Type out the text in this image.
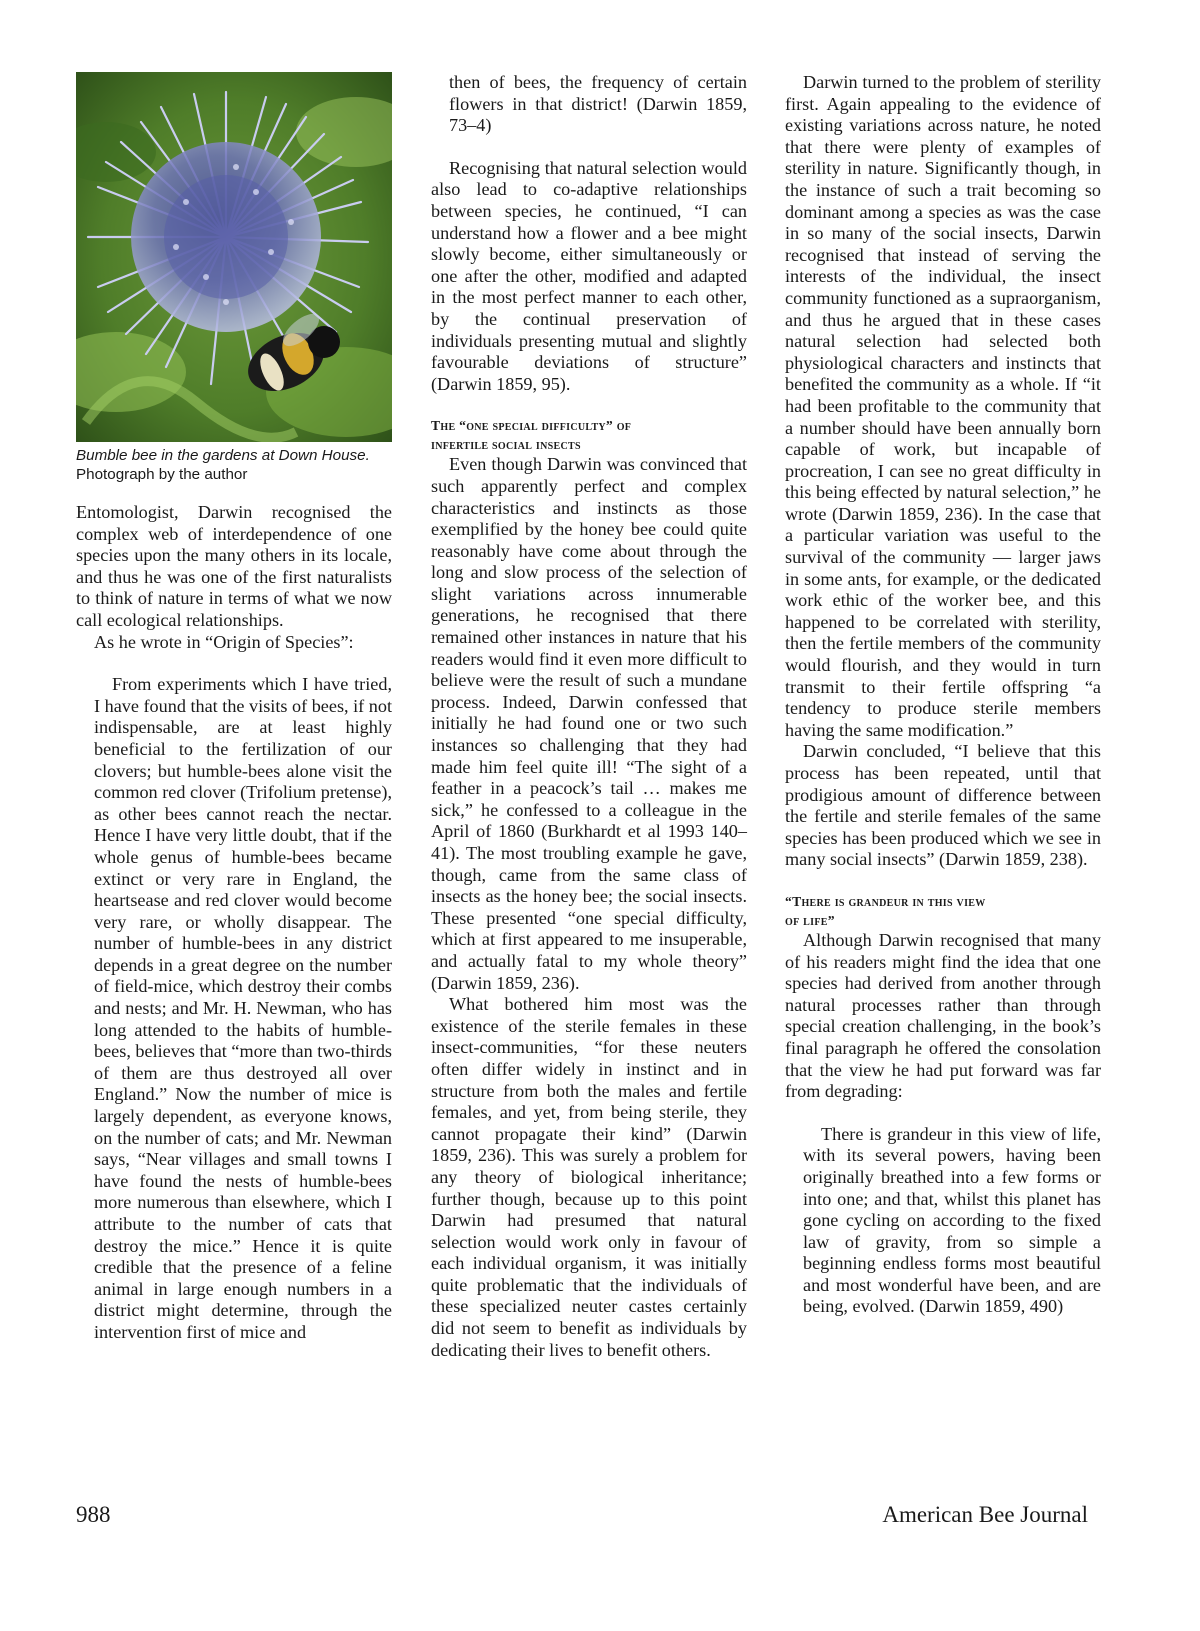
Bumble bee in the gardens at Down House. Photograph by the author

Entomologist, Darwin recognised the complex web of interdependence of one species upon the many others in its locale, and thus he was one of the first naturalists to think of nature in terms of what we now call ecological relationships.

As he wrote in “Origin of Species”:

From experiments which I have tried, I have found that the visits of bees, if not indispensable, are at least highly beneficial to the fertilization of our clovers; but humble-bees alone visit the common red clover (Trifolium pretense), as other bees cannot reach the nectar. Hence I have very little doubt, that if the whole genus of humble-bees became extinct or very rare in England, the heartsease and red clover would become very rare, or wholly disappear. The number of humble-bees in any district depends in a great degree on the number of field-mice, which destroy their combs and nests; and Mr. H. Newman, who has long attended to the habits of humble-bees, believes that “more than two-thirds of them are thus destroyed all over England.” Now the number of mice is largely dependent, as everyone knows, on the number of cats; and Mr. Newman says, “Near villages and small towns I have found the nests of humble-bees more numerous than elsewhere, which I attribute to the number of cats that destroy the mice.” Hence it is quite credible that the presence of a feline animal in large enough numbers in a district might determine, through the intervention first of mice and

then of bees, the frequency of certain flowers in that district! (Darwin 1859, 73–4)

Recognising that natural selection would also lead to co-adaptive relationships between species, he continued, “I can understand how a flower and a bee might slowly become, either simultaneously or one after the other, modified and adapted in the most perfect manner to each other, by the continual preservation of individuals presenting mutual and slightly favourable deviations of structure” (Darwin 1859, 95).

The “one special difficulty” of
infertile social insects

Even though Darwin was convinced that such apparently perfect and complex characteristics and instincts as those exemplified by the honey bee could quite reasonably have come about through the long and slow process of the selection of slight variations across innumerable generations, he recognised that there remained other instances in nature that his readers would find it even more difficult to believe were the result of such a mundane process. Indeed, Darwin confessed that initially he had found one or two such instances so challenging that they had made him feel quite ill! “The sight of a feather in a peacock’s tail … makes me sick,” he confessed to a colleague in the April of 1860 (Burkhardt et al 1993 140–41). The most troubling example he gave, though, came from the same class of insects as the honey bee; the social insects. These presented “one special difficulty, which at first appeared to me insuperable, and actually fatal to my whole theory” (Darwin 1859, 236).

What bothered him most was the existence of the sterile females in these insect-communities, “for these neuters often differ widely in instinct and in structure from both the males and fertile females, and yet, from being sterile, they cannot propagate their kind” (Darwin 1859, 236). This was surely a problem for any theory of biological inheritance; further though, because up to this point Darwin had presumed that natural selection would work only in favour of each individual organism, it was initially quite problematic that the individuals of these specialized neuter castes certainly did not seem to benefit as individuals by dedicating their lives to benefit others.

Darwin turned to the problem of sterility first. Again appealing to the evidence of existing variations across nature, he noted that there were plenty of examples of sterility in nature. Significantly though, in the instance of such a trait becoming so dominant among a species as was the case in so many of the social insects, Darwin recognised that instead of serving the interests of the individual, the insect community functioned as a supraorganism, and thus he argued that in these cases natural selection had selected both physiological characters and instincts that benefited the community as a whole. If “it had been profitable to the community that a number should have been annually born capable of work, but incapable of procreation, I can see no great difficulty in this being effected by natural selection,” he wrote (Darwin 1859, 236). In the case that a particular variation was useful to the survival of the community — larger jaws in some ants, for example, or the dedicated work ethic of the worker bee, and this happened to be correlated with sterility, then the fertile members of the community would flourish, and they would in turn transmit to their fertile offspring “a tendency to produce sterile members having the same modification.”

Darwin concluded, “I believe that this process has been repeated, until that prodigious amount of difference between the fertile and sterile females of the same species has been produced which we see in many social insects” (Darwin 1859, 238).

“There is grandeur in this view
of life”

Although Darwin recognised that many of his readers might find the idea that one species had derived from another through natural processes rather than through special creation challenging, in the book’s final paragraph he offered the consolation that the view he had put forward was far from degrading:

There is grandeur in this view of life, with its several powers, having been originally breathed into a few forms or into one; and that, whilst this planet has gone cycling on according to the fixed law of gravity, from so simple a beginning endless forms most beautiful and most wonderful have been, and are being, evolved. (Darwin 1859, 490)

988	American Bee Journal
